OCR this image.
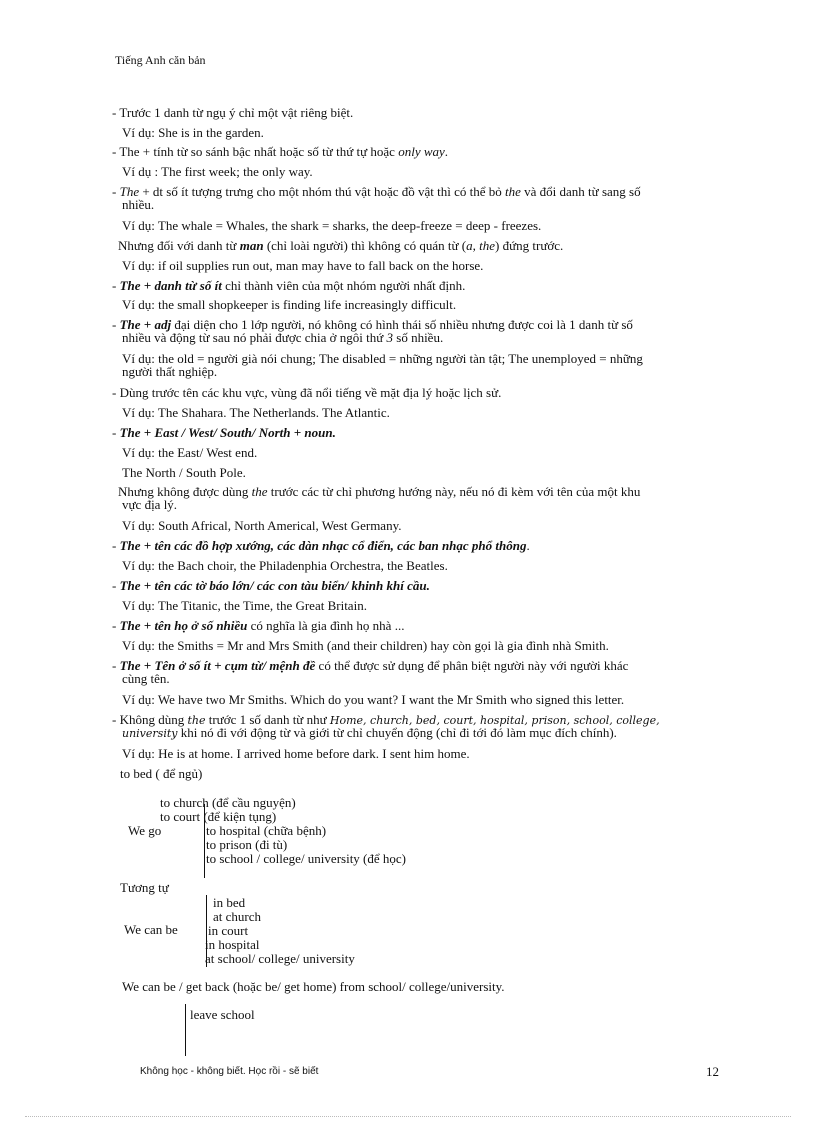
Tiếng Anh căn bản
- Trước 1 danh từ ngụ ý chỉ một vật riêng biệt.
Ví dụ: She is in the garden.
- The + tính từ so sánh bậc nhất hoặc số từ thứ tự hoặc only way.
Ví dụ : The first week; the only way.
- The + dt số ít tượng trưng cho một nhóm thú vật hoặc đồ vật thì có thể bỏ the và đổi danh từ sang số
nhiều.
Ví dụ: The whale = Whales, the shark = sharks, the deep-freeze = deep - freezes.
Nhưng đối với danh từ man (chỉ loài người) thì không có quán từ (a, the) đứng trước.
Ví dụ: if oil supplies run out, man may have to fall back on the horse.
- The + danh từ số ít chỉ thành viên của một nhóm người nhất định.
Ví dụ: the small shopkeeper is finding life increasingly difficult.
- The + adj đại diện cho 1 lớp người, nó không có hình thái số nhiều nhưng được coi là 1 danh từ số
nhiều và động từ sau nó phải được chia ở ngôi thứ 3 số nhiều.
Ví dụ: the old = người già nói chung; The disabled = những người tàn tật; The unemployed = những
người thất nghiệp.
- Dùng trước tên các khu vực, vùng đã nổi tiếng về mặt địa lý hoặc lịch sử.
Ví dụ: The Shahara. The Netherlands. The Atlantic.
- The + East / West/ South/ North + noun.
Ví dụ: the East/ West end.
The North / South Pole.
Nhưng không được dùng the trước các từ chỉ phương hướng này, nếu nó đi kèm với tên của một khu
vực địa lý.
Ví dụ: South Africal, North Americal, West Germany.
- The + tên các đồ hợp xướng, các dàn nhạc cổ điển, các ban nhạc phổ thông.
Ví dụ: the Bach choir, the Philadenphia Orchestra, the Beatles.
- The + tên các tờ báo lớn/ các con tàu biển/ khinh khí cầu.
Ví dụ: The Titanic, the Time, the Great Britain.
- The + tên họ ở số nhiều có nghĩa là gia đình họ nhà ...
Ví dụ: the Smiths = Mr and Mrs Smith (and their children) hay còn gọi là gia đình nhà Smith.
- The + Tên ở số ít + cụm từ/ mệnh đề có thể được sử dụng để phân biệt người này với người khác
cùng tên.
Ví dụ: We have two Mr Smiths. Which do you want? I want the Mr Smith who signed this letter.
- Không dùng the trước 1 số danh từ như Home, church, bed, court, hospital, prison, school, college,
university khi nó đi với động từ và giới từ chỉ chuyển động (chỉ đi tới đó làm mục đích chính).
Ví dụ: He is at home. I arrived home before dark. I sent him home.
to bed ( để ngủ)
We go
to church (để cầu nguyện)
to court (để kiện tụng)
to hospital (chữa bệnh)
to prison (đi tù)
to school / college/ university (để học)
Tương tự
We can be
in bed
at church
in court
in hospital
at school/ college/ university
We can be / get back (hoặc be/ get home) from school/ college/university.
leave school
Không học - không biết. Học rồi - sẽ biết	12
